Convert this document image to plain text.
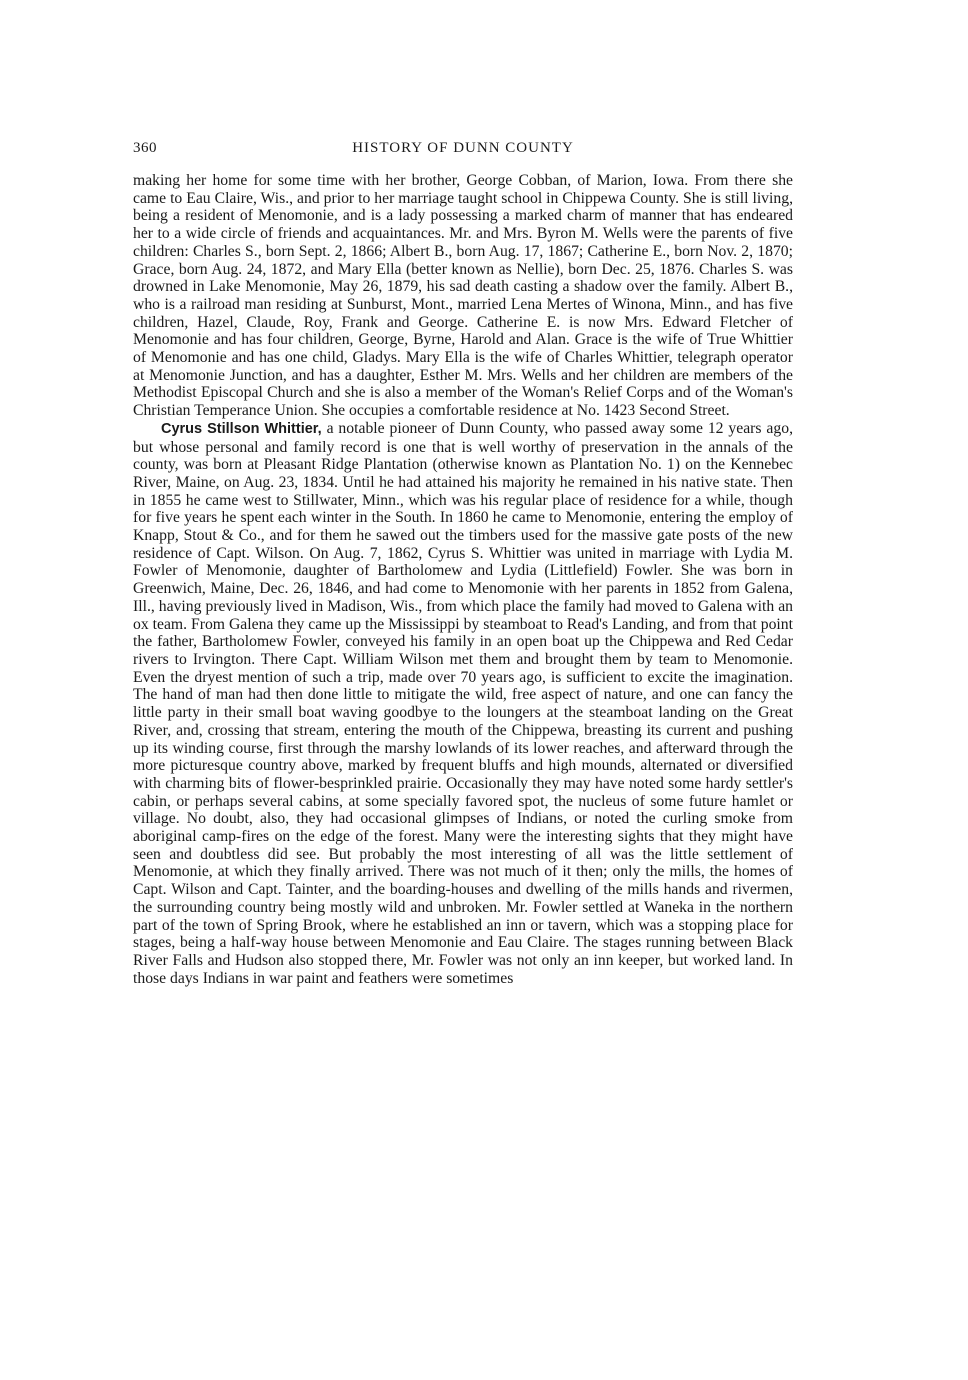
360	HISTORY OF DUNN COUNTY

making her home for some time with her brother, George Cobban, of Marion, Iowa. From there she came to Eau Claire, Wis., and prior to her marriage taught school in Chippewa County. She is still living, being a resident of Menomonie, and is a lady possessing a marked charm of manner that has endeared her to a wide circle of friends and acquaintances. Mr. and Mrs. Byron M. Wells were the parents of five children: Charles S., born Sept. 2, 1866; Albert B., born Aug. 17, 1867; Catherine E., born Nov. 2, 1870; Grace, born Aug. 24, 1872, and Mary Ella (better known as Nellie), born Dec. 25, 1876. Charles S. was drowned in Lake Menomonie, May 26, 1879, his sad death casting a shadow over the family. Albert B., who is a railroad man residing at Sunburst, Mont., married Lena Mertes of Winona, Minn., and has five children, Hazel, Claude, Roy, Frank and George. Catherine E. is now Mrs. Edward Fletcher of Menomonie and has four children, George, Byrne, Harold and Alan. Grace is the wife of True Whittier of Menomonie and has one child, Gladys. Mary Ella is the wife of Charles Whittier, telegraph operator at Menomonie Junction, and has a daughter, Esther M. Mrs. Wells and her children are members of the Methodist Episcopal Church and she is also a member of the Woman's Relief Corps and of the Woman's Christian Temperance Union. She occupies a comfortable residence at No. 1423 Second Street.

Cyrus Stillson Whittier, a notable pioneer of Dunn County, who passed away some 12 years ago, but whose personal and family record is one that is well worthy of preservation in the annals of the county, was born at Pleasant Ridge Plantation (otherwise known as Plantation No. 1) on the Kennebec River, Maine, on Aug. 23, 1834. Until he had attained his majority he remained in his native state. Then in 1855 he came west to Stillwater, Minn., which was his regular place of residence for a while, though for five years he spent each winter in the South. In 1860 he came to Menomonie, entering the employ of Knapp, Stout & Co., and for them he sawed out the timbers used for the massive gate posts of the new residence of Capt. Wilson. On Aug. 7, 1862, Cyrus S. Whittier was united in marriage with Lydia M. Fowler of Menomonie, daughter of Bartholomew and Lydia (Littlefield) Fowler. She was born in Greenwich, Maine, Dec. 26, 1846, and had come to Menomonie with her parents in 1852 from Galena, Ill., having previously lived in Madison, Wis., from which place the family had moved to Galena with an ox team. From Galena they came up the Mississippi by steamboat to Read's Landing, and from that point the father, Bartholomew Fowler, conveyed his family in an open boat up the Chippewa and Red Cedar rivers to Irvington. There Capt. William Wilson met them and brought them by team to Menomonie. Even the dryest mention of such a trip, made over 70 years ago, is sufficient to excite the imagination. The hand of man had then done little to mitigate the wild, free aspect of nature, and one can fancy the little party in their small boat waving goodbye to the loungers at the steamboat landing on the Great River, and, crossing that stream, entering the mouth of the Chippewa, breasting its current and pushing up its winding course, first through the marshy lowlands of its lower reaches, and afterward through the more picturesque country above, marked by frequent bluffs and high mounds, alternated or diversified with charming bits of flower-besprinkled prairie. Occasionally they may have noted some hardy settler's cabin, or perhaps several cabins, at some specially favored spot, the nucleus of some future hamlet or village. No doubt, also, they had occasional glimpses of Indians, or noted the curling smoke from aboriginal camp-fires on the edge of the forest. Many were the interesting sights that they might have seen and doubtless did see. But probably the most interesting of all was the little settlement of Menomonie, at which they finally arrived. There was not much of it then; only the mills, the homes of Capt. Wilson and Capt. Tainter, and the boarding-houses and dwelling of the mills hands and rivermen, the surrounding country being mostly wild and unbroken. Mr. Fowler settled at Waneka in the northern part of the town of Spring Brook, where he established an inn or tavern, which was a stopping place for stages, being a half-way house between Menomonie and Eau Claire. The stages running between Black River Falls and Hudson also stopped there, Mr. Fowler was not only an inn keeper, but worked land. In those days Indians in war paint and feathers were sometimes
